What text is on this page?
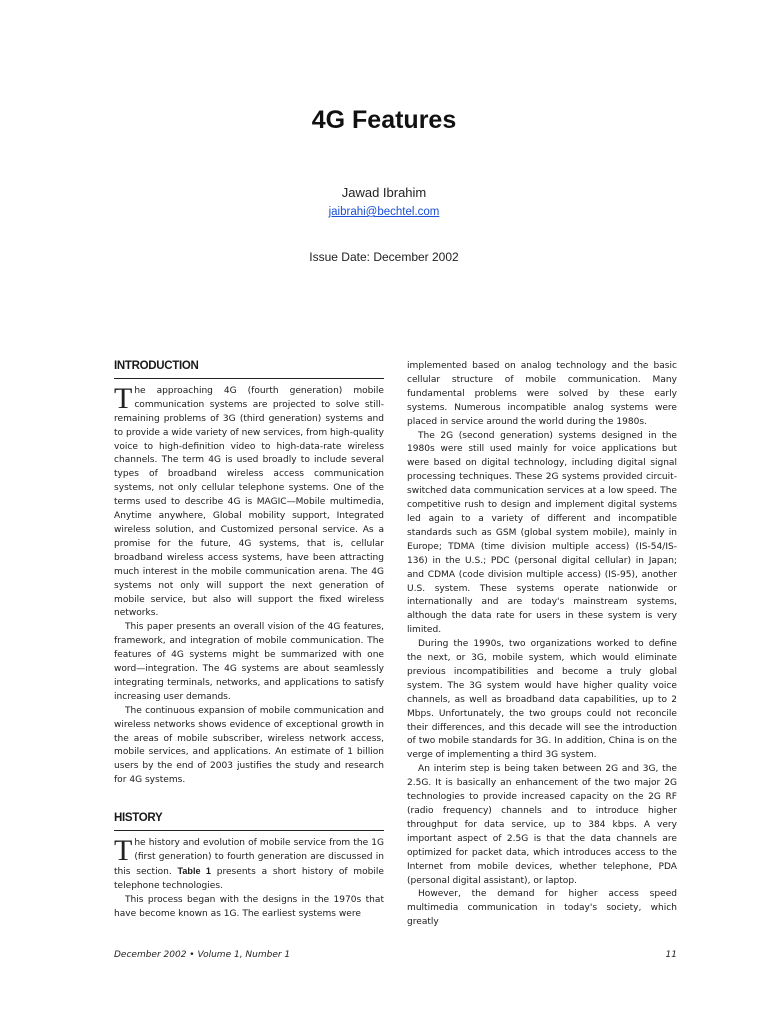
4G Features
Jawad Ibrahim
jaibrahi@bechtel.com
Issue Date: December 2002
INTRODUCTION

The approaching 4G (fourth generation) mobile communication systems are projected to solve still-remaining problems of 3G (third generation) systems and to provide a wide variety of new services, from high-quality voice to high-definition video to high-data-rate wireless channels. The term 4G is used broadly to include several types of broadband wireless access communication systems, not only cellular telephone systems. One of the terms used to describe 4G is MAGIC—Mobile multimedia, Anytime anywhere, Global mobility support, Integrated wireless solution, and Customized personal service. As a promise for the future, 4G systems, that is, cellular broadband wireless access systems, have been attracting much interest in the mobile communication arena. The 4G systems not only will support the next generation of mobile service, but also will support the fixed wireless networks.

This paper presents an overall vision of the 4G features, framework, and integration of mobile communication. The features of 4G systems might be summarized with one word—integration. The 4G systems are about seamlessly integrating terminals, networks, and applications to satisfy increasing user demands.

The continuous expansion of mobile communication and wireless networks shows evidence of exceptional growth in the areas of mobile subscriber, wireless network access, mobile services, and applications. An estimate of 1 billion users by the end of 2003 justifies the study and research for 4G systems.

HISTORY

The history and evolution of mobile service from the 1G (first generation) to fourth generation are discussed in this section. Table 1 presents a short history of mobile telephone technologies.

This process began with the designs in the 1970s that have become known as 1G. The earliest systems were

implemented based on analog technology and the basic cellular structure of mobile communication. Many fundamental problems were solved by these early systems. Numerous incompatible analog systems were placed in service around the world during the 1980s.

The 2G (second generation) systems designed in the 1980s were still used mainly for voice applications but were based on digital technology, including digital signal processing techniques. These 2G systems provided circuit-switched data communication services at a low speed. The competitive rush to design and implement digital systems led again to a variety of different and incompatible standards such as GSM (global system mobile), mainly in Europe; TDMA (time division multiple access) (IS-54/IS-136) in the U.S.; PDC (personal digital cellular) in Japan; and CDMA (code division multiple access) (IS-95), another U.S. system. These systems operate nationwide or internationally and are today's mainstream systems, although the data rate for users in these system is very limited.

During the 1990s, two organizations worked to define the next, or 3G, mobile system, which would eliminate previous incompatibilities and become a truly global system. The 3G system would have higher quality voice channels, as well as broadband data capabilities, up to 2 Mbps. Unfortunately, the two groups could not reconcile their differences, and this decade will see the introduction of two mobile standards for 3G. In addition, China is on the verge of implementing a third 3G system.

An interim step is being taken between 2G and 3G, the 2.5G. It is basically an enhancement of the two major 2G technologies to provide increased capacity on the 2G RF (radio frequency) channels and to introduce higher throughput for data service, up to 384 kbps. A very important aspect of 2.5G is that the data channels are optimized for packet data, which introduces access to the Internet from mobile devices, whether telephone, PDA (personal digital assistant), or laptop.

However, the demand for higher access speed multimedia communication in today's society, which greatly

December 2002 • Volume 1, Number 1	11
